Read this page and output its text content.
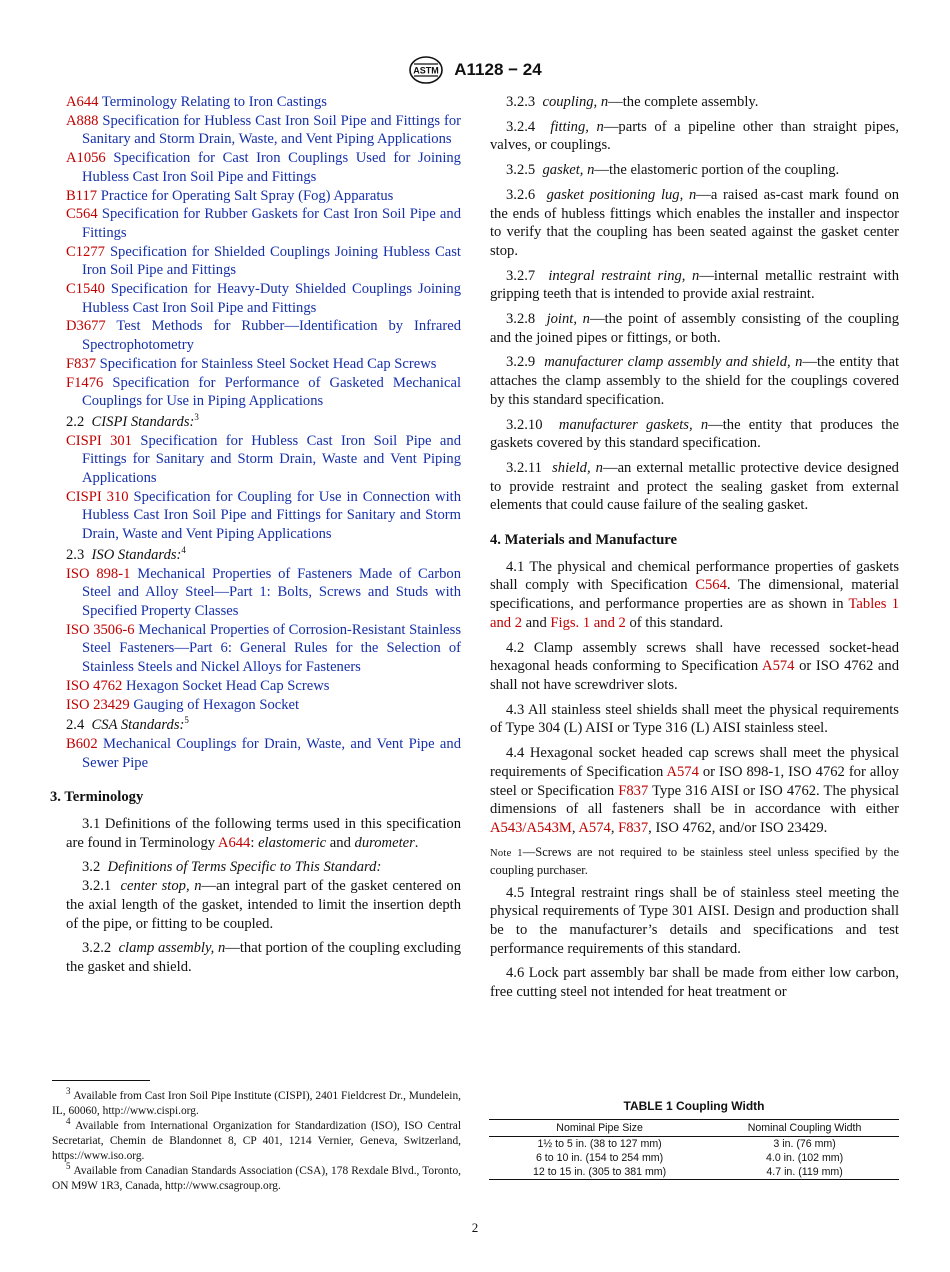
ASTM A1128 − 24

A644 Terminology Relating to Iron Castings

A888 Specification for Hubless Cast Iron Soil Pipe and Fittings for Sanitary and Storm Drain, Waste, and Vent Piping Applications

A1056 Specification for Cast Iron Couplings Used for Joining Hubless Cast Iron Soil Pipe and Fittings

B117 Practice for Operating Salt Spray (Fog) Apparatus

C564 Specification for Rubber Gaskets for Cast Iron Soil Pipe and Fittings

C1277 Specification for Shielded Couplings Joining Hubless Cast Iron Soil Pipe and Fittings

C1540 Specification for Heavy-Duty Shielded Couplings Joining Hubless Cast Iron Soil Pipe and Fittings

D3677 Test Methods for Rubber—Identification by Infrared Spectrophotometry

F837 Specification for Stainless Steel Socket Head Cap Screws

F1476 Specification for Performance of Gasketed Mechanical Couplings for Use in Piping Applications

2.2 CISPI Standards:$^3$

CISPI 301 Specification for Hubless Cast Iron Soil Pipe and Fittings for Sanitary and Storm Drain, Waste and Vent Piping Applications

CISPI 310 Specification for Coupling for Use in Connection with Hubless Cast Iron Soil Pipe and Fittings for Sanitary and Storm Drain, Waste and Vent Piping Applications

2.3 ISO Standards:$^4$

ISO 898-1 Mechanical Properties of Fasteners Made of Carbon Steel and Alloy Steel—Part 1: Bolts, Screws and Studs with Specified Property Classes

ISO 3506-6 Mechanical Properties of Corrosion-Resistant Stainless Steel Fasteners—Part 6: General Rules for the Selection of Stainless Steels and Nickel Alloys for Fasteners

ISO 4762 Hexagon Socket Head Cap Screws

ISO 23429 Gauging of Hexagon Socket

2.4 CSA Standards:$^5$

B602 Mechanical Couplings for Drain, Waste, and Vent Pipe and Sewer Pipe

3. Terminology

3.1 Definitions of the following terms used in this specification are found in Terminology A644: elastomeric and durometer.

3.2 Definitions of Terms Specific to This Standard:

3.2.1 center stop, n—an integral part of the gasket centered on the axial length of the gasket, intended to limit the insertion depth of the pipe, or fitting to be coupled.

3.2.2 clamp assembly, n—that portion of the coupling excluding the gasket and shield.

3.2.3 coupling, n—the complete assembly.

3.2.4 fitting, n—parts of a pipeline other than straight pipes, valves, or couplings.

3.2.5 gasket, n—the elastomeric portion of the coupling.

3.2.6 gasket positioning lug, n—a raised as-cast mark found on the ends of hubless fittings which enables the installer and inspector to verify that the coupling has been seated against the gasket center stop.

3.2.7 integral restraint ring, n—internal metallic restraint with gripping teeth that is intended to provide axial restraint.

3.2.8 joint, n—the point of assembly consisting of the coupling and the joined pipes or fittings, or both.

3.2.9 manufacturer clamp assembly and shield, n—the entity that attaches the clamp assembly to the shield for the couplings covered by this standard specification.

3.2.10 manufacturer gaskets, n—the entity that produces the gaskets covered by this standard specification.

3.2.11 shield, n—an external metallic protective device designed to provide restraint and protect the sealing gasket from external elements that could cause failure of the sealing gasket.

4. Materials and Manufacture

4.1 The physical and chemical performance properties of gaskets shall comply with Specification C564. The dimensional, material specifications, and performance properties are as shown in Tables 1 and 2 and Figs. 1 and 2 of this standard.

4.2 Clamp assembly screws shall have recessed socket-head hexagonal heads conforming to Specification A574 or ISO 4762 and shall not have screwdriver slots.

4.3 All stainless steel shields shall meet the physical requirements of Type 304 (L) AISI or Type 316 (L) AISI stainless steel.

4.4 Hexagonal socket headed cap screws shall meet the physical requirements of Specification A574 or ISO 898-1, ISO 4762 for alloy steel or Specification F837 Type 316 AISI or ISO 4762. The physical dimensions of all fasteners shall be in accordance with either A543/A543M, A574, F837, ISO 4762, and/or ISO 23429.

Note 1—Screws are not required to be stainless steel unless specified by the coupling purchaser.

4.5 Integral restraint rings shall be of stainless steel meeting the physical requirements of Type 301 AISI. Design and production shall be to the manufacturer’s details and specifications and test performance requirements of this standard.

4.6 Lock part assembly bar shall be made from either low carbon, free cutting steel not intended for heat treatment or

$^3$ Available from Cast Iron Soil Pipe Institute (CISPI), 2401 Fieldcrest Dr., Mundelein, IL, 60060, http://www.cispi.org.

$^4$ Available from International Organization for Standardization (ISO), ISO Central Secretariat, Chemin de Blandonnet 8, CP 401, 1214 Vernier, Geneva, Switzerland, https://www.iso.org.

$^5$ Available from Canadian Standards Association (CSA), 178 Rexdale Blvd., Toronto, ON M9W 1R3, Canada, http://www.csagroup.org.

TABLE 1 Coupling Width
Nominal Pipe Size	Nominal Coupling Width
1½ to 5 in. (38 to 127 mm)	3 in. (76 mm)
6 to 10 in. (154 to 254 mm)	4.0 in. (102 mm)
12 to 15 in. (305 to 381 mm)	4.7 in. (119 mm)
2
